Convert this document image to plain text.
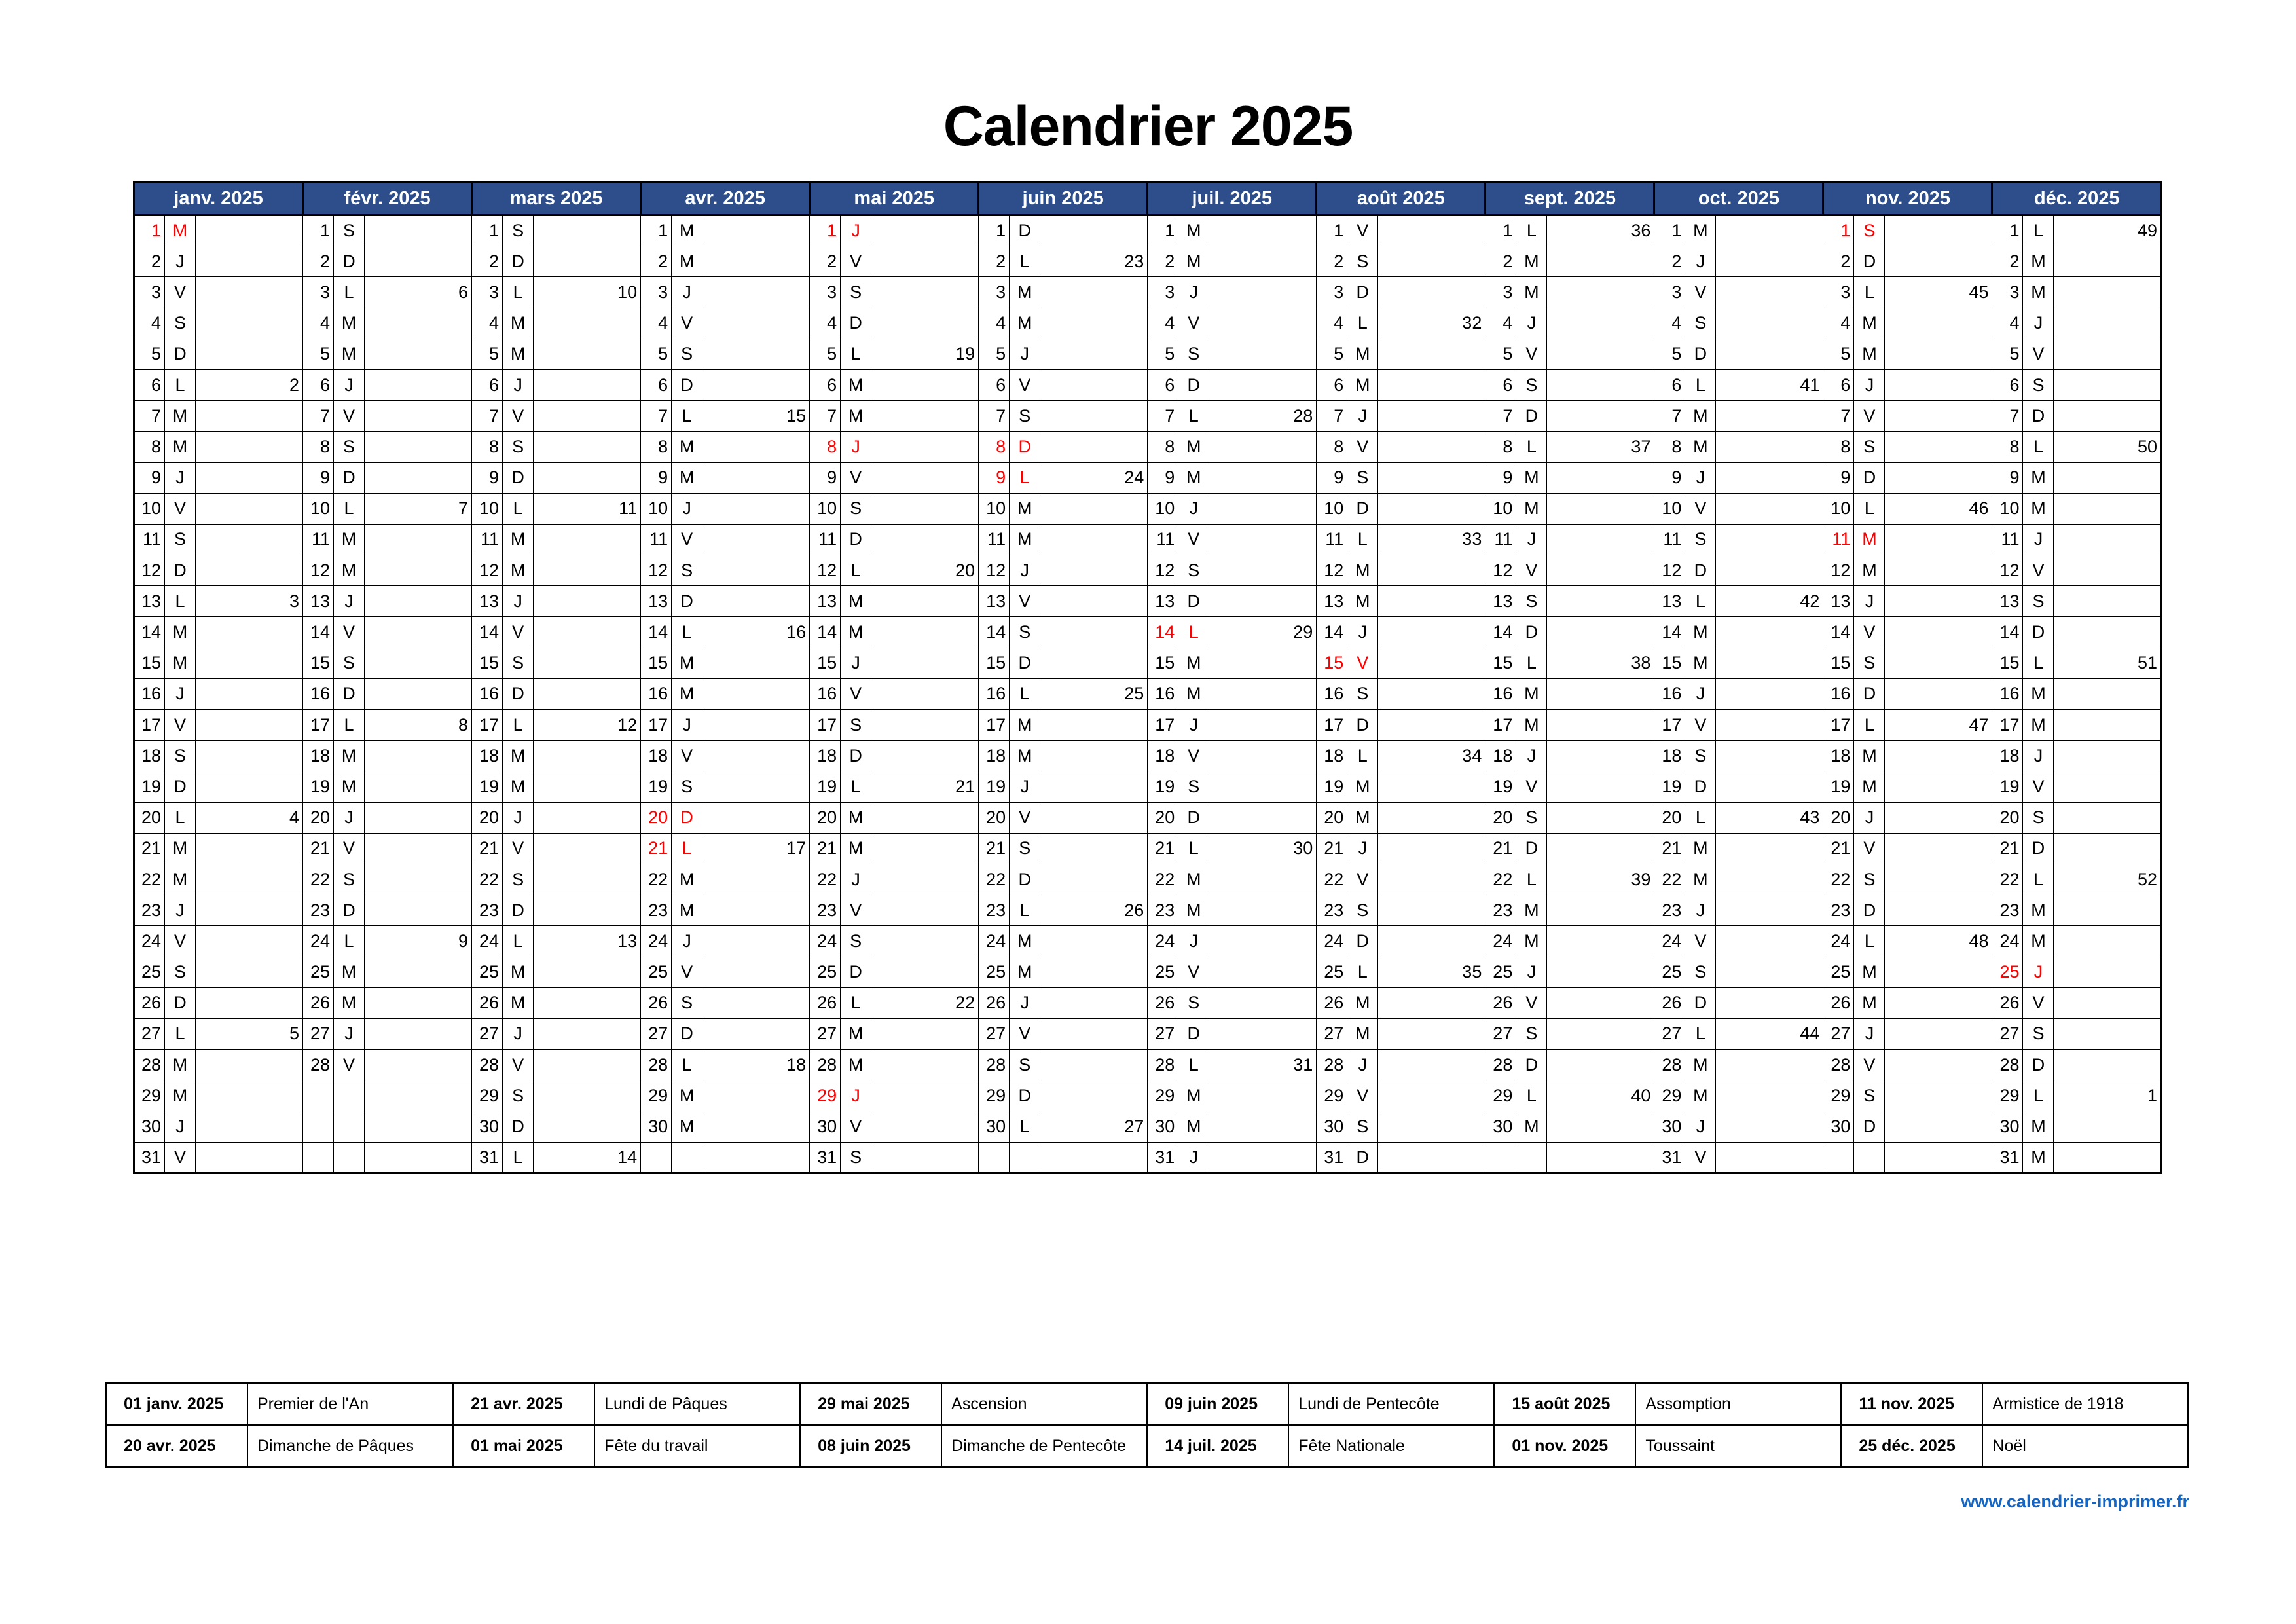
Calendrier 2025
janv. 2025			févr. 2025			mars 2025			avr. 2025			mai 2025			juin 2025			juil. 2025			août 2025			sept. 2025			oct. 2025			nov. 2025			déc. 2025		
1	M		1	S		1	S		1	M		1	J		1	D		1	M		1	V		1	L	36	1	M		1	S		1	L	49
2	J		2	D		2	D		2	M		2	V		2	L	23	2	M		2	S		2	M		2	J		2	D		2	M	
3	V		3	L	6	3	L	10	3	J		3	S		3	M		3	J		3	D		3	M		3	V		3	L	45	3	M	
4	S		4	M		4	M		4	V		4	D		4	M		4	V		4	L	32	4	J		4	S		4	M		4	J	
5	D		5	M		5	M		5	S		5	L	19	5	J		5	S		5	M		5	V		5	D		5	M		5	V	
6	L	2	6	J		6	J		6	D		6	M		6	V		6	D		6	M		6	S		6	L	41	6	J		6	S	
7	M		7	V		7	V		7	L	15	7	M		7	S		7	L	28	7	J		7	D		7	M		7	V		7	D	
8	M		8	S		8	S		8	M		8	J		8	D		8	M		8	V		8	L	37	8	M		8	S		8	L	50
9	J		9	D		9	D		9	M		9	V		9	L	24	9	M		9	S		9	M		9	J		9	D		9	M	
10	V		10	L	7	10	L	11	10	J		10	S		10	M		10	J		10	D		10	M		10	V		10	L	46	10	M	
11	S		11	M		11	M		11	V		11	D		11	M		11	V		11	L	33	11	J		11	S		11	M		11	J	
12	D		12	M		12	M		12	S		12	L	20	12	J		12	S		12	M		12	V		12	D		12	M		12	V	
13	L	3	13	J		13	J		13	D		13	M		13	V		13	D		13	M		13	S		13	L	42	13	J		13	S	
14	M		14	V		14	V		14	L	16	14	M		14	S		14	L	29	14	J		14	D		14	M		14	V		14	D	
15	M		15	S		15	S		15	M		15	J		15	D		15	M		15	V		15	L	38	15	M		15	S		15	L	51
16	J		16	D		16	D		16	M		16	V		16	L	25	16	M		16	S		16	M		16	J		16	D		16	M	
17	V		17	L	8	17	L	12	17	J		17	S		17	M		17	J		17	D		17	M		17	V		17	L	47	17	M	
18	S		18	M		18	M		18	V		18	D		18	M		18	V		18	L	34	18	J		18	S		18	M		18	J	
19	D		19	M		19	M		19	S		19	L	21	19	J		19	S		19	M		19	V		19	D		19	M		19	V	
20	L	4	20	J		20	J		20	D		20	M		20	V		20	D		20	M		20	S		20	L	43	20	J		20	S	
21	M		21	V		21	V		21	L	17	21	M		21	S		21	L	30	21	J		21	D		21	M		21	V		21	D	
22	M		22	S		22	S		22	M		22	J		22	D		22	M		22	V		22	L	39	22	M		22	S		22	L	52
23	J		23	D		23	D		23	M		23	V		23	L	26	23	M		23	S		23	M		23	J		23	D		23	M	
24	V		24	L	9	24	L	13	24	J		24	S		24	M		24	J		24	D		24	M		24	V		24	L	48	24	M	
25	S		25	M		25	M		25	V		25	D		25	M		25	V		25	L	35	25	J		25	S		25	M		25	J	
26	D		26	M		26	M		26	S		26	L	22	26	J		26	S		26	M		26	V		26	D		26	M		26	V	
27	L	5	27	J		27	J		27	D		27	M		27	V		27	D		27	M		27	S		27	L	44	27	J		27	S	
28	M		28	V		28	V		28	L	18	28	M		28	S		28	L	31	28	J		28	D		28	M		28	V		28	D	
29	M					29	S		29	M		29	J		29	D		29	M		29	V		29	L	40	29	M		29	S		29	L	1
30	J					30	D		30	M		30	V		30	L	27	30	M		30	S		30	M		30	J		30	D		30	M	
31	V					31	L	14				31	S					31	J		31	D					31	V					31	M	
01 janv. 2025	Premier de l'An	21 avr. 2025	Lundi de Pâques	29 mai 2025	Ascension	09 juin 2025	Lundi de Pentecôte	15 août 2025	Assomption	11 nov. 2025	Armistice de 1918
20 avr. 2025	Dimanche de Pâques	01 mai 2025	Fête du travail	08 juin 2025	Dimanche de Pentecôte	14 juil. 2025	Fête Nationale	01 nov. 2025	Toussaint	25 déc. 2025	Noël
www.calendrier-imprimer.fr
